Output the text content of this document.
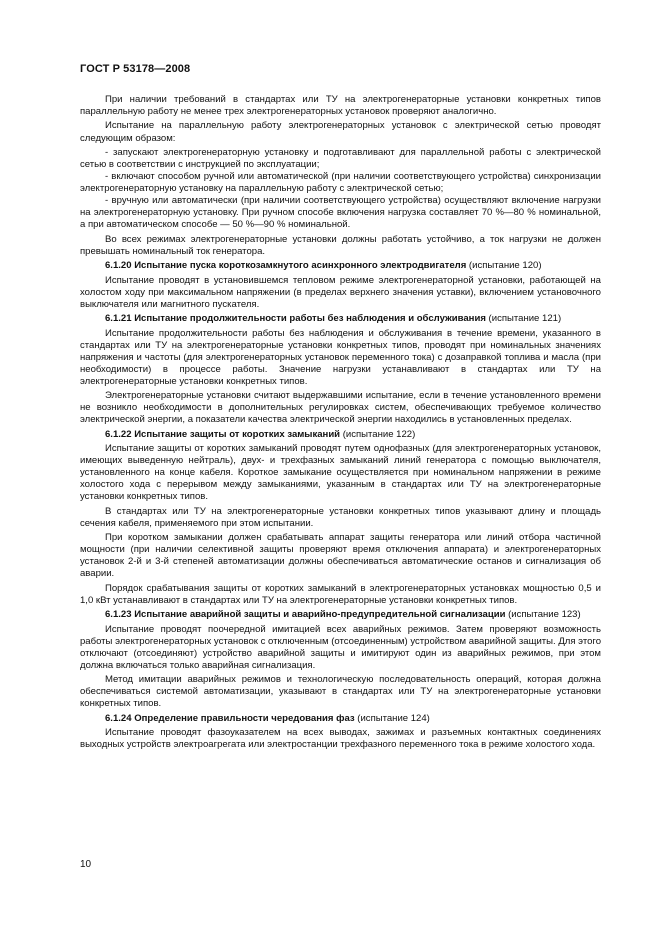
ГОСТ Р 53178—2008

При наличии требований в стандартах или ТУ на электрогенераторные установки конкретных типов параллельную работу не менее трех электрогенераторных установок проверяют аналогично.

Испытание на параллельную работу электрогенераторных установок с электрической сетью проводят следующим образом:

- запускают электрогенераторную установку и подготавливают для параллельной работы с электрической сетью в соответствии с инструкцией по эксплуатации;

- включают способом ручной или автоматической (при наличии соответствующего устройства) синхронизации электрогенераторную установку на параллельную работу с электрической сетью;

- вручную или автоматически (при наличии соответствующего устройства) осуществляют включение нагрузки на электрогенераторную установку. При ручном способе включения нагрузка составляет 70 %—80 % номинальной, а при автоматическом способе — 50 %—90 % номинальной.

Во всех режимах электрогенераторные установки должны работать устойчиво, а ток нагрузки не должен превышать номинальный ток генератора.

6.1.20 Испытание пуска короткозамкнутого асинхронного электродвигателя (испытание 120)

Испытание проводят в установившемся тепловом режиме электрогенераторной установки, работающей на холостом ходу при максимальном напряжении (в пределах верхнего значения уставки), включением установочного выключателя или магнитного пускателя.

6.1.21 Испытание продолжительности работы без наблюдения и обслуживания (испытание 121)

Испытание продолжительности работы без наблюдения и обслуживания в течение времени, указанного в стандартах или ТУ на электрогенераторные установки конкретных типов, проводят при номинальных значениях напряжения и частоты (для электрогенераторных установок переменного тока) с дозаправкой топлива и масла (при необходимости) в процессе работы. Значение нагрузки устанавливают в стандартах или ТУ на электрогенераторные установки конкретных типов.

Электрогенераторные установки считают выдержавшими испытание, если в течение установленного времени не возникло необходимости в дополнительных регулировках систем, обеспечивающих требуемое количество электрической энергии, а показатели качества электрической энергии находились в установленных пределах.

6.1.22 Испытание защиты от коротких замыканий (испытание 122)

Испытание защиты от коротких замыканий проводят путем однофазных (для электрогенераторных установок, имеющих выведенную нейтраль), двух- и трехфазных замыканий линий генератора с помощью выключателя, установленного на конце кабеля. Короткое замыкание осуществляется при номинальном напряжении в режиме холостого хода с перерывом между замыканиями, указанным в стандартах или ТУ на электрогенераторные установки конкретных типов.

В стандартах или ТУ на электрогенераторные установки конкретных типов указывают длину и площадь сечения кабеля, применяемого при этом испытании.

При коротком замыкании должен срабатывать аппарат защиты генератора или линий отбора частичной мощности (при наличии селективной защиты проверяют время отключения аппарата) и электрогенераторных установок 2-й и 3-й степеней автоматизации должны обеспечиваться автоматические останов и сигнализация об аварии.

Порядок срабатывания защиты от коротких замыканий в электрогенераторных установках мощностью 0,5 и 1,0 кВт устанавливают в стандартах или ТУ на электрогенераторные установки конкретных типов.

6.1.23 Испытание аварийной защиты и аварийно-предупредительной сигнализации (испытание 123)

Испытание проводят поочередной имитацией всех аварийных режимов. Затем проверяют возможность работы электрогенераторных установок с отключенным (отсоединенным) устройством аварийной защиты. Для этого отключают (отсоединяют) устройство аварийной защиты и имитируют один из аварийных режимов, при этом должна включаться только аварийная сигнализация.

Метод имитации аварийных режимов и технологическую последовательность операций, которая должна обеспечиваться системой автоматизации, указывают в стандартах или ТУ на электрогенераторные установки конкретных типов.

6.1.24 Определение правильности чередования фаз (испытание 124)

Испытание проводят фазоуказателем на всех выводах, зажимах и разъемных контактных соединениях выходных устройств электроагрегата или электростанции трехфазного переменного тока в режиме холостого хода.

10
